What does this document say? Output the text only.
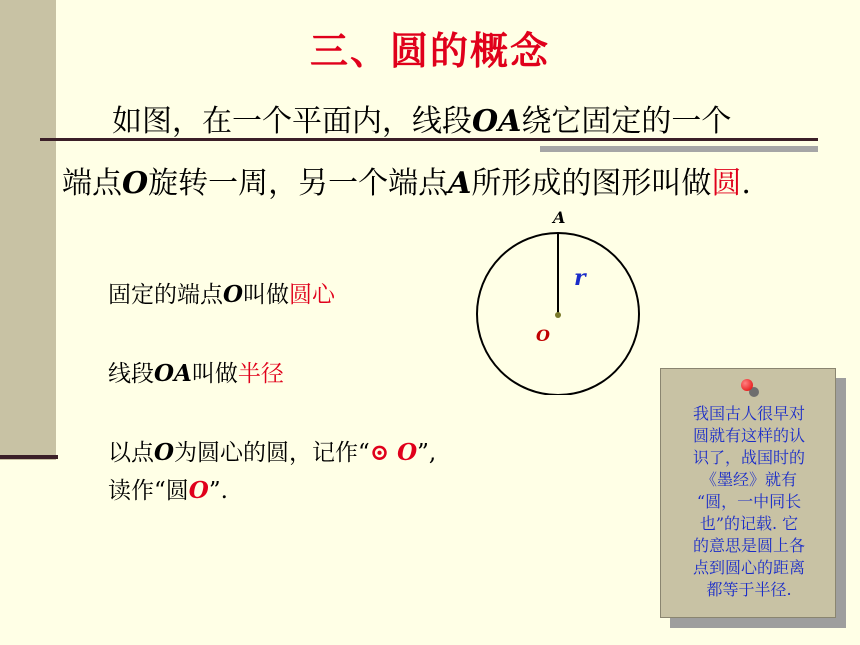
三、圆的概念
如图，在一个平面内，线段OA绕它固定的一个
端点O旋转一周，另一个端点A所形成的图形叫做圆.
固定的端点O叫做圆心
线段OA叫做半径
以点O为圆心的圆，记作“⊙ O”,
读作“圆O”.
A
r
O
我国古人很早对
圆就有这样的认
识了，战国时的
《墨经》就有
“圆，一中同长
也”的记载. 它
的意思是圆上各
点到圆心的距离
都等于半径.
